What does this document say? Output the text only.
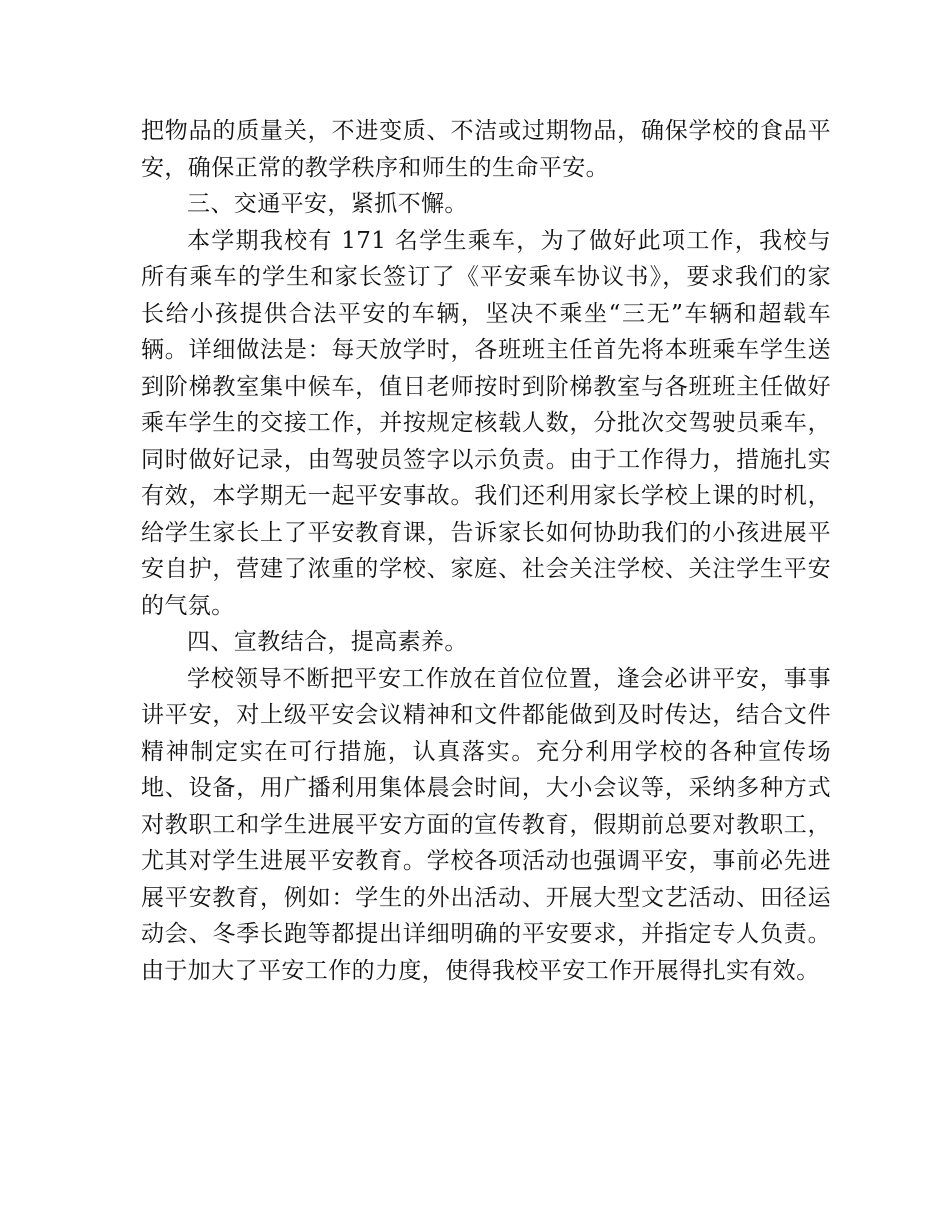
把物品的质量关，不进变质、不洁或过期物品，确保学校的食品平安，确保正常的教学秩序和师生的生命平安。

三、交通平安，紧抓不懈。

本学期我校有 171 名学生乘车，为了做好此项工作，我校与所有乘车的学生和家长签订了《平安乘车协议书》，要求我们的家长给小孩提供合法平安的车辆，坚决不乘坐“三无”车辆和超载车辆。详细做法是：每天放学时，各班班主任首先将本班乘车学生送到阶梯教室集中候车，值日老师按时到阶梯教室与各班班主任做好乘车学生的交接工作，并按规定核载人数，分批次交驾驶员乘车，同时做好记录，由驾驶员签字以示负责。由于工作得力，措施扎实有效，本学期无一起平安事故。我们还利用家长学校上课的时机，给学生家长上了平安教育课，告诉家长如何协助我们的小孩进展平安自护，营建了浓重的学校、家庭、社会关注学校、关注学生平安的气氛。

四、宣教结合，提高素养。

学校领导不断把平安工作放在首位位置，逢会必讲平安，事事讲平安，对上级平安会议精神和文件都能做到及时传达，结合文件精神制定实在可行措施，认真落实。充分利用学校的各种宣传场地、设备，用广播利用集体晨会时间，大小会议等，采纳多种方式对教职工和学生进展平安方面的宣传教育，假期前总要对教职工，尤其对学生进展平安教育。学校各项活动也强调平安，事前必先进展平安教育，例如：学生的外出活动、开展大型文艺活动、田径运动会、冬季长跑等都提出详细明确的平安要求，并指定专人负责。由于加大了平安工作的力度，使得我校平安工作开展得扎实有效。
